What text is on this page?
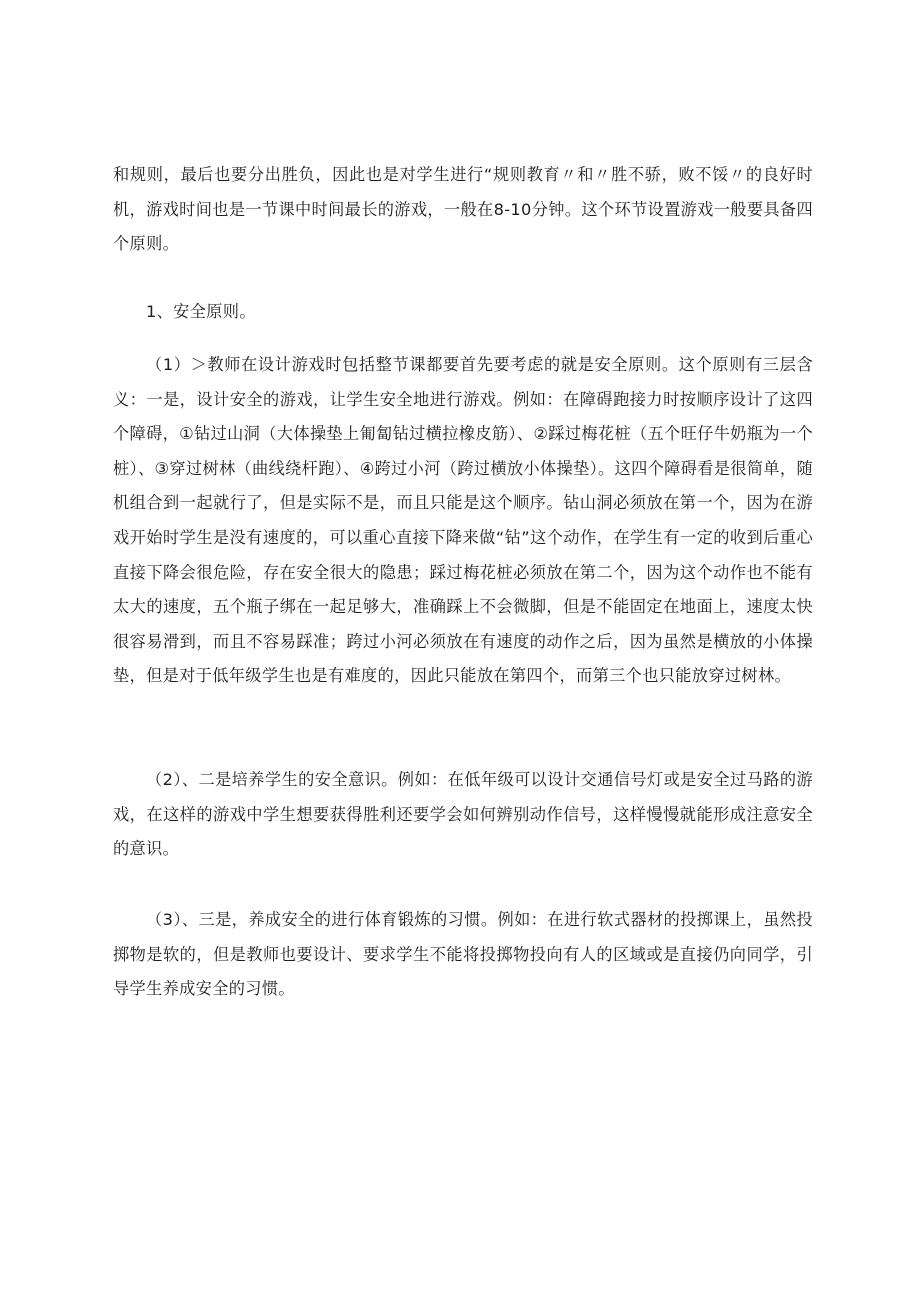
和规则，最后也要分出胜负，因此也是对学生进行“规则教育〃和〃胜不骄，败不馁〃的良好时机，游戏时间也是一节课中时间最长的游戏，一般在8-10分钟。这个环节设置游戏一般要具备四个原则。

1、安全原则。

（1）＞教师在设计游戏时包括整节课都要首先要考虑的就是安全原则。这个原则有三层含义：一是，设计安全的游戏，让学生安全地进行游戏。例如：在障碍跑接力时按顺序设计了这四个障碍，①钻过山洞（大体操垫上匍匐钻过横拉橡皮筋）、②踩过梅花桩（五个旺仔牛奶瓶为一个桩）、③穿过树林（曲线绕杆跑）、④跨过小河（跨过横放小体操垫）。这四个障碍看是很简单，随机组合到一起就行了，但是实际不是，而且只能是这个顺序。钻山洞必须放在第一个，因为在游戏开始时学生是没有速度的，可以重心直接下降来做“钻”这个动作，在学生有一定的收到后重心直接下降会很危险，存在安全很大的隐患；踩过梅花桩必须放在第二个，因为这个动作也不能有太大的速度，五个瓶子绑在一起足够大，准确踩上不会微脚，但是不能固定在地面上，速度太快很容易滑到，而且不容易踩准；跨过小河必须放在有速度的动作之后，因为虽然是横放的小体操垫，但是对于低年级学生也是有难度的，因此只能放在第四个，而第三个也只能放穿过树林。

（2）、二是培养学生的安全意识。例如：在低年级可以设计交通信号灯或是安全过马路的游戏，在这样的游戏中学生想要获得胜利还要学会如何辨别动作信号，这样慢慢就能形成注意安全的意识。

（3）、三是，养成安全的进行体育锻炼的习惯。例如：在进行软式器材的投掷课上，虽然投掷物是软的，但是教师也要设计、要求学生不能将投掷物投向有人的区域或是直接仍向同学，引导学生养成安全的习惯。
